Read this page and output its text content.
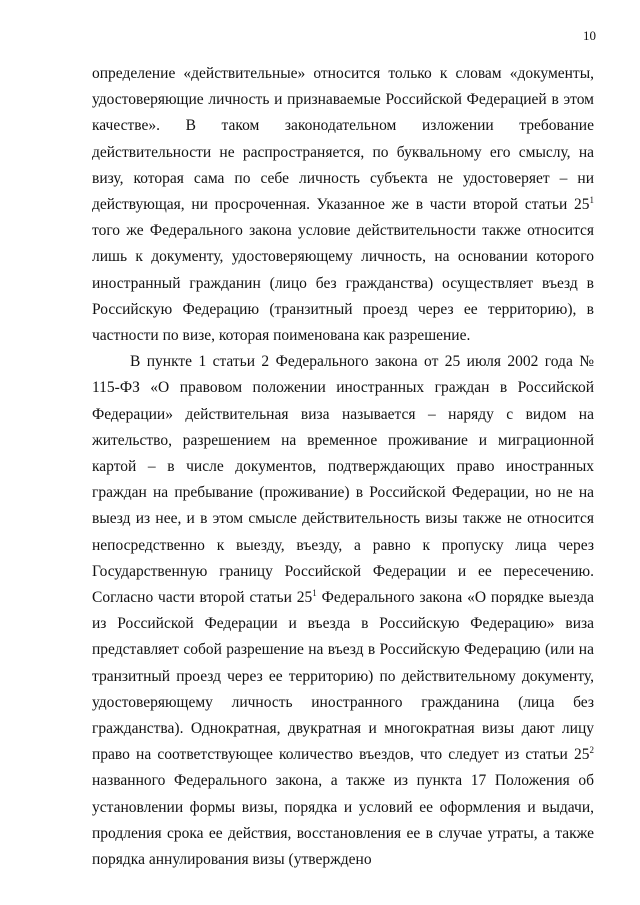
10

определение «действительные» относится только к словам «документы, удостоверяющие личность и признаваемые Российской Федерацией в этом качестве». В таком законодательном изложении требование действительности не распространяется, по буквальному его смыслу, на визу, которая сама по себе личность субъекта не удостоверяет – ни действующая, ни просроченная. Указанное же в части второй статьи $25^1$ того же Федерального закона условие действительности также относится лишь к документу, удостоверяющему личность, на основании которого иностранный гражданин (лицо без гражданства) осуществляет въезд в Российскую Федерацию (транзитный проезд через ее территорию), в частности по визе, которая поименована как разрешение.

В пункте 1 статьи 2 Федерального закона от 25 июля 2002 года № 115-ФЗ «О правовом положении иностранных граждан в Российской Федерации» действительная виза называется – наряду с видом на жительство, разрешением на временное проживание и миграционной картой – в числе документов, подтверждающих право иностранных граждан на пребывание (проживание) в Российской Федерации, но не на выезд из нее, и в этом смысле действительность визы также не относится непосредственно к выезду, въезду, а равно к пропуску лица через Государственную границу Российской Федерации и ее пересечению. Согласно части второй статьи $25^1$ Федерального закона «О порядке выезда из Российской Федерации и въезда в Российскую Федерацию» виза представляет собой разрешение на въезд в Российскую Федерацию (или на транзитный проезд через ее территорию) по действительному документу, удостоверяющему личность иностранного гражданина (лица без гражданства). Однократная, двукратная и многократная визы дают лицу право на соответствующее количество въездов, что следует из статьи $25^2$ названного Федерального закона, а также из пункта 17 Положения об установлении формы визы, порядка и условий ее оформления и выдачи, продления срока ее действия, восстановления ее в случае утраты, а также порядка аннулирования визы (утверждено
